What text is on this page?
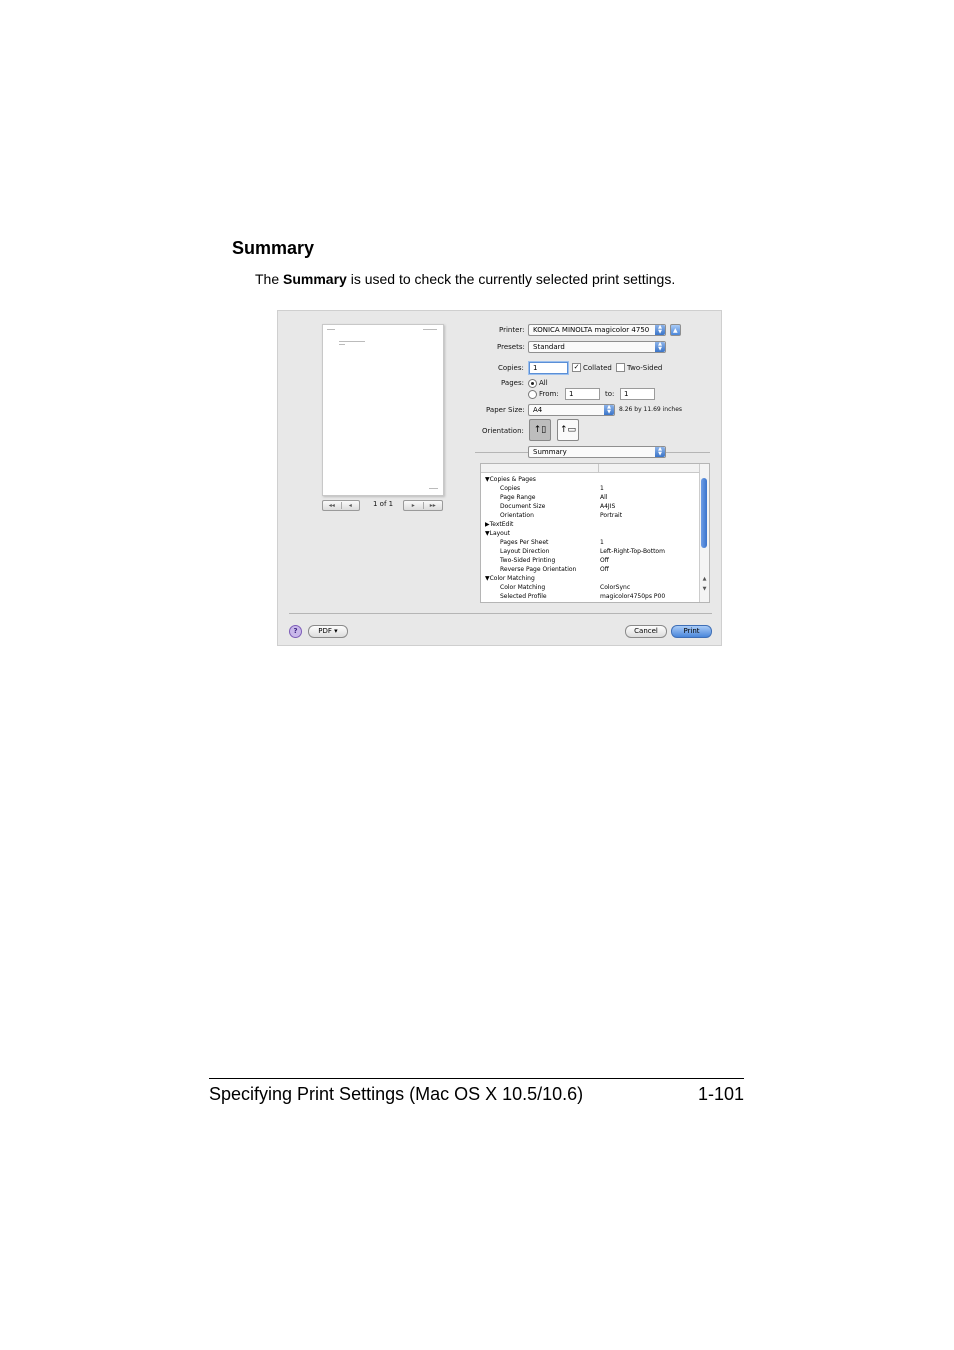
Summary
The Summary is used to check the currently selected print settings.
◂◂	◂	1 of 1	▸	▸▸
Printer:	KONICA MINOLTA magicolor 4750	▲
▼	▲
Presets:	Standard	▲
▼
Copies:	1	✓ Collated Two-Sided
Pages: All
From:	1	to:	1
Paper Size:	A4	▲
▼	8.26 by 11.69 inches
Orientation:	↑▯	↑▭
Summary	▲
▼
▼Copies & Pages
Copies	1
Page Range	All
Document Size	A4JIS
Orientation	Portrait
▶TextEdit
▼Layout
Pages Per Sheet	1
Layout Direction	Left-Right-Top-Bottom
Two-Sided Printing	Off
Reverse Page Orientation	Off
▼Color Matching
Color Matching	ColorSync
Selected Profile	magicolor4750ps P00
▲
▼
?	PDF ▾	Cancel	Print
Specifying Print Settings (Mac OS X 10.5/10.6)	1-101
